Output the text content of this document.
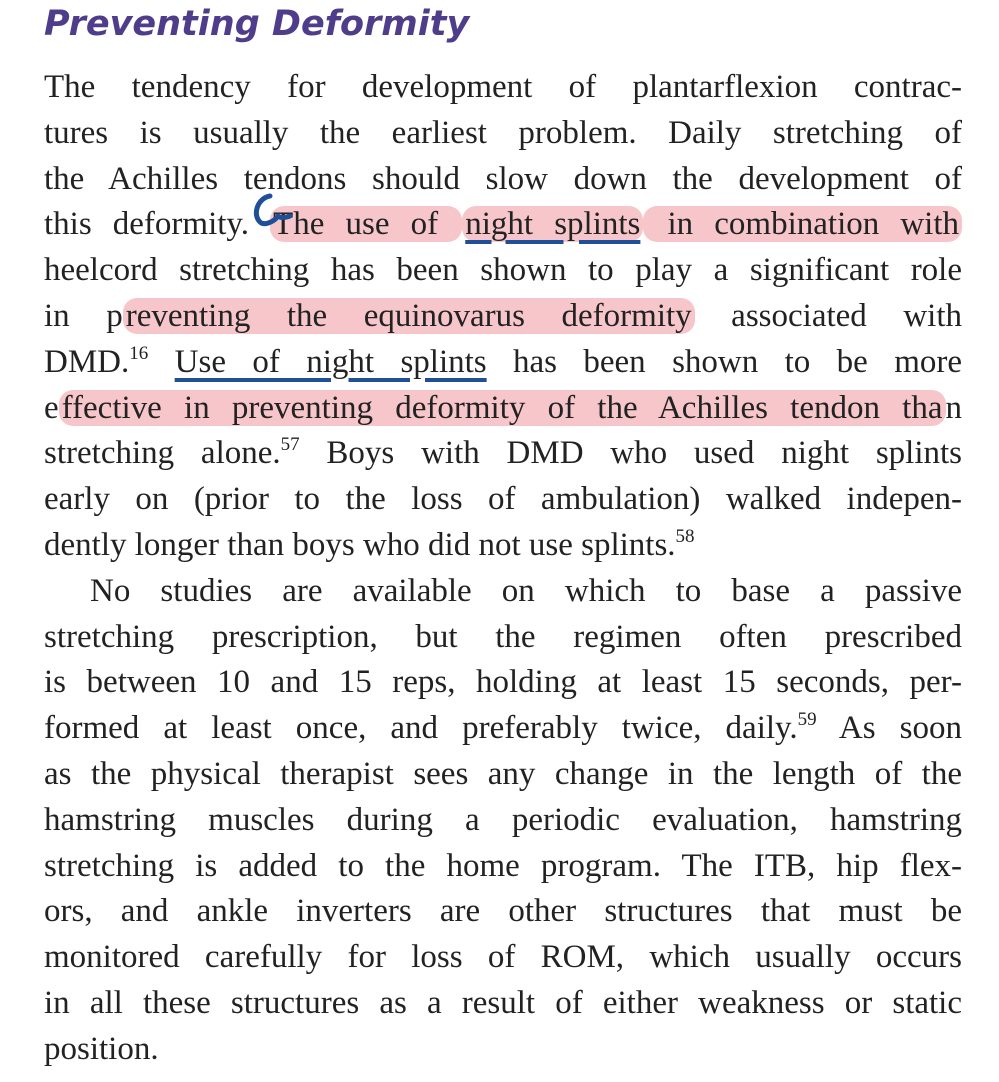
Preventing Deformity
The tendency for development of plantarflexion contrac-
tures is usually the earliest problem. Daily stretching of
the Achilles tendons should slow down the development of
this deformity. The use of night splints in combination with
heelcord stretching has been shown to play a significant role
in preventing the equinovarus deformity associated with
DMD.$^{16}$ Use of night splints has been shown to be more
effective in preventing deformity of the Achilles tendon than
stretching alone.$^{57}$ Boys with DMD who used night splints
early on (prior to the loss of ambulation) walked indepen-
dently longer than boys who did not use splints.$^{58}$
No studies are available on which to base a passive
stretching prescription, but the regimen often prescribed
is between 10 and 15 reps, holding at least 15 seconds, per-
formed at least once, and preferably twice, daily.$^{59}$ As soon
as the physical therapist sees any change in the length of the
hamstring muscles during a periodic evaluation, hamstring
stretching is added to the home program. The ITB, hip flex-
ors, and ankle inverters are other structures that must be
monitored carefully for loss of ROM, which usually occurs
in all these structures as a result of either weakness or static
position.
